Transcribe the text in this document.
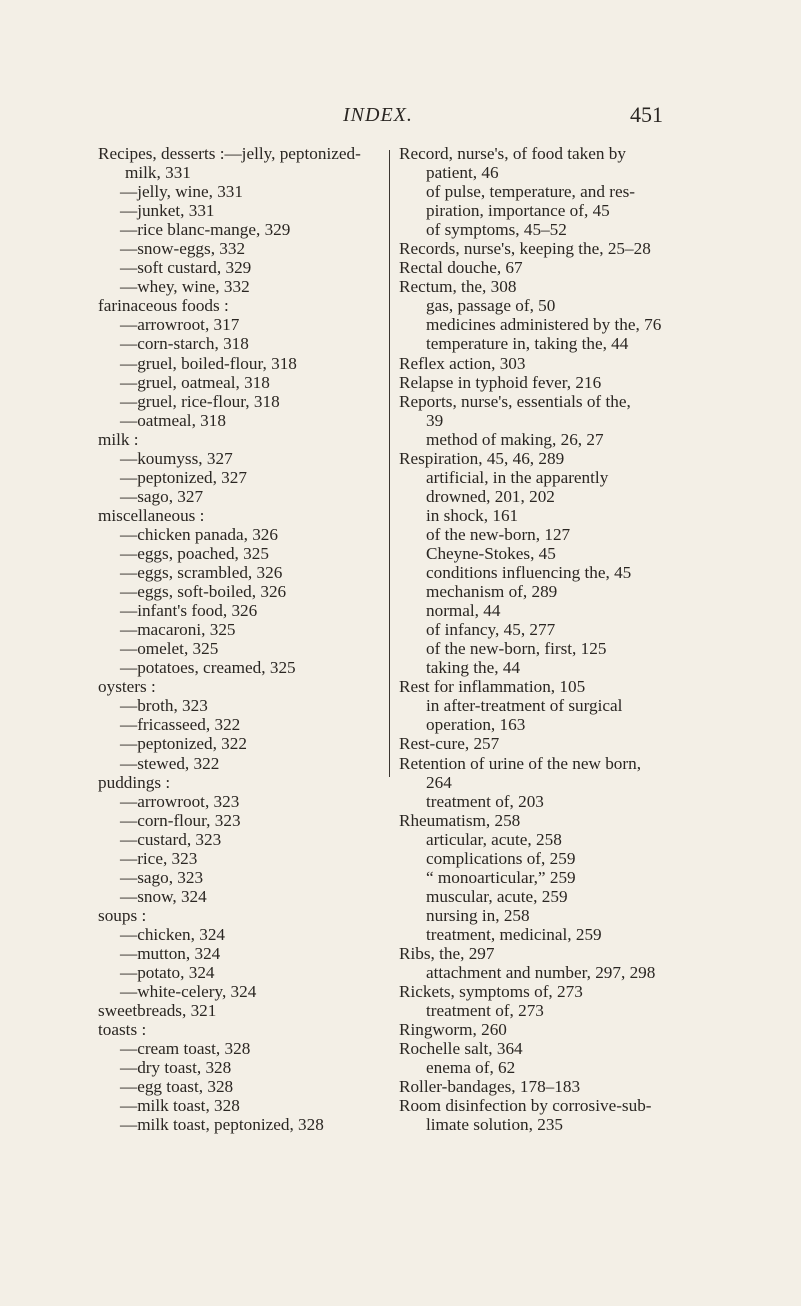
INDEX.	451
Recipes, desserts :—jelly, peptonized-
milk, 331
—jelly, wine, 331
—junket, 331
—rice blanc-mange, 329
—snow-eggs, 332
—soft custard, 329
—whey, wine, 332
farinaceous foods :
—arrowroot, 317
—corn-starch, 318
—gruel, boiled-flour, 318
—gruel, oatmeal, 318
—gruel, rice-flour, 318
—oatmeal, 318
milk :
—koumyss, 327
—peptonized, 327
—sago, 327
miscellaneous :
—chicken panada, 326
—eggs, poached, 325
—eggs, scrambled, 326
—eggs, soft-boiled, 326
—infant's food, 326
—macaroni, 325
—omelet, 325
—potatoes, creamed, 325
oysters :
—broth, 323
—fricasseed, 322
—peptonized, 322
—stewed, 322
puddings :
—arrowroot, 323
—corn-flour, 323
—custard, 323
—rice, 323
—sago, 323
—snow, 324
soups :
—chicken, 324
—mutton, 324
—potato, 324
—white-celery, 324
sweetbreads, 321
toasts :
—cream toast, 328
—dry toast, 328
—egg toast, 328
—milk toast, 328
—milk toast, peptonized, 328
Record, nurse's, of food taken by
patient, 46
of pulse, temperature, and res-
piration, importance of, 45
of symptoms, 45–52
Records, nurse's, keeping the, 25–28
Rectal douche, 67
Rectum, the, 308
gas, passage of, 50
medicines administered by the, 76
temperature in, taking the, 44
Reflex action, 303
Relapse in typhoid fever, 216
Reports, nurse's, essentials of the,
39
method of making, 26, 27
Respiration, 45, 46, 289
artificial, in the apparently
drowned, 201, 202
in shock, 161
of the new-born, 127
Cheyne-Stokes, 45
conditions influencing the, 45
mechanism of, 289
normal, 44
of infancy, 45, 277
of the new-born, first, 125
taking the, 44
Rest for inflammation, 105
in after-treatment of surgical
operation, 163
Rest-cure, 257
Retention of urine of the new born,
264
treatment of, 203
Rheumatism, 258
articular, acute, 258
complications of, 259
“ monoarticular,” 259
muscular, acute, 259
nursing in, 258
treatment, medicinal, 259
Ribs, the, 297
attachment and number, 297, 298
Rickets, symptoms of, 273
treatment of, 273
Ringworm, 260
Rochelle salt, 364
enema of, 62
Roller-bandages, 178–183
Room disinfection by corrosive-sub-
limate solution, 235
